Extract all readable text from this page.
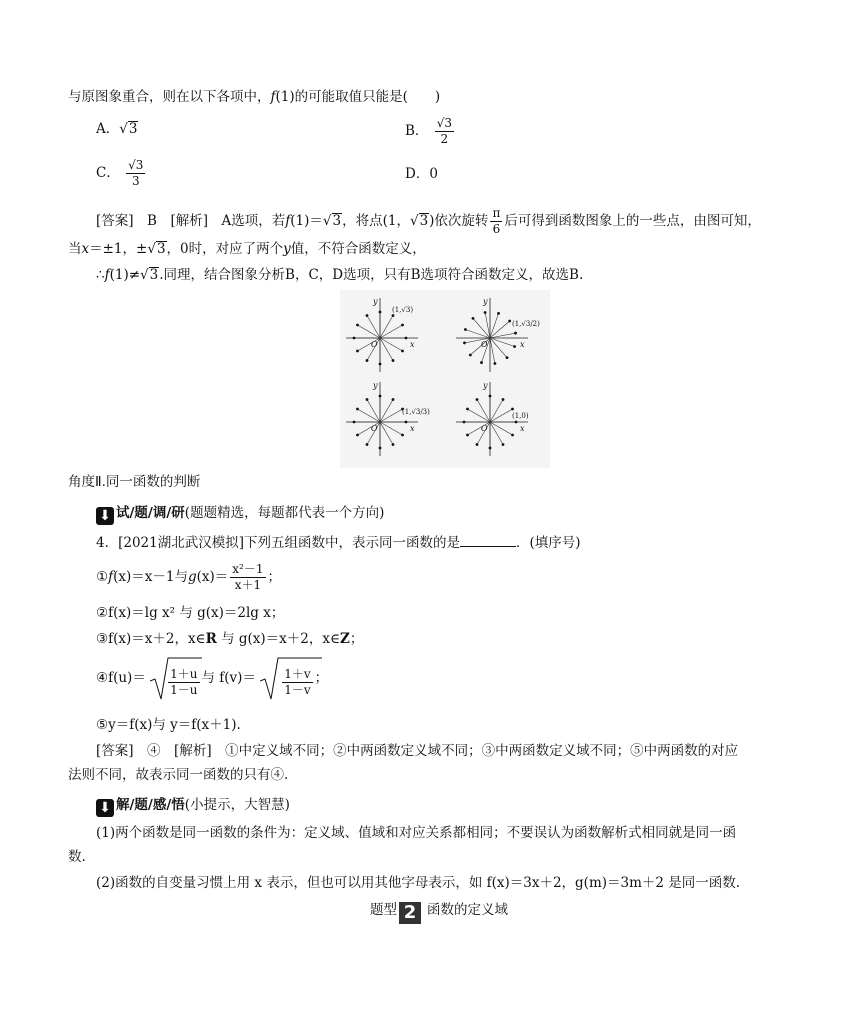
与原图象重合，则在以下各项中，f(1)的可能取值只能是(　　)
A．√3	B． $\frac{√3}{2}$
C． $\frac{√3}{3}$	D．0
[答案]　 B　 [解析]　 A选项，若f(1)＝√3，将点(1，√3)依次旋转 $\frac{\pi}{6}$ 后可得到函数图象上的一些点，由图可知，
当x＝±1，±√3，0时，对应了两个y值，不符合函数定义，
∴f(1)≠√3.同理，结合图象分析B，C，D选项，只有B选项符合函数定义，故选B.
x
y
O
(1,√3)
x
y
O
(1,√3/2)
x
y
O
(1,√3/3)
x
y
O
(1,0)
角度Ⅱ.同一函数的判断
⬇ 试/题/调/研(题题精选，每题都代表一个方向)
4．[2021湖北武汉模拟]下列五组函数中，表示同一函数的是	．(填序号)
①f(x)＝x－1与$g(x)= \frac{\text{x²－1}}{x+1}$ ；
②f(x)＝lg x² 与 g(x)＝2lg x；
③f(x)＝x＋2，x∈R 与 g(x)＝x＋2，x∈Z；
④f(u)＝ $\frac{1+u}{1-u}$ 与 $f(v)= \frac{1+v}{1-v}$ ；
⑤y＝f(x)与 y＝f(x＋1).
[答案]　 ④　 [解析]　 ①中定义域不同；②中两函数定义域不同；③中两函数定义域不同；⑤中两函数的对应
法则不同，故表示同一函数的只有④.
⬇ 解/题/感/悟(小提示，大智慧)
(1)两个函数是同一函数的条件为：定义域、值域和对应关系都相同；不要误认为函数解析式相同就是同一函
数.
(2)函数的自变量习惯上用 x 表示，但也可以用其他字母表示，如 f(x)＝3x＋2，g(m)＝3m＋2 是同一函数.
题型 2 函数的定义域
